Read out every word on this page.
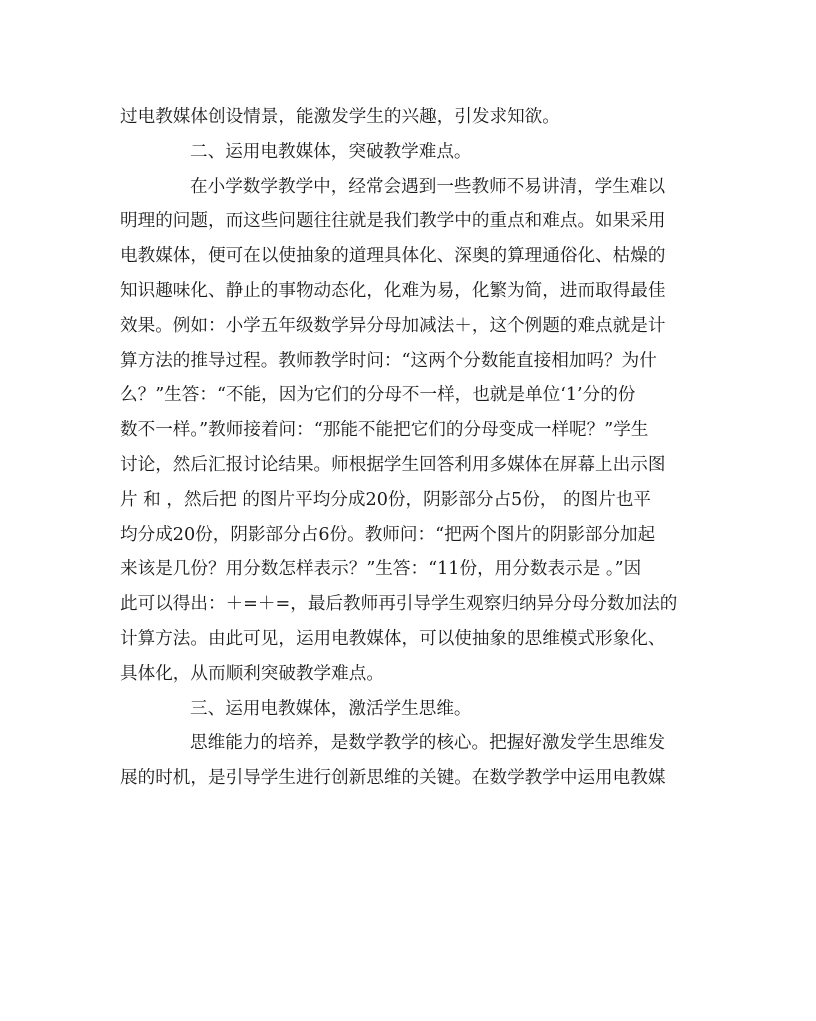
过电教媒体创设情景，能激发学生的兴趣，引发求知欲。
二、运用电教媒体，突破教学难点。
在小学数学教学中，经常会遇到一些教师不易讲清，学生难以
明理的问题，而这些问题往往就是我们教学中的重点和难点。如果采用
电教媒体，便可在以使抽象的道理具体化、深奥的算理通俗化、枯燥的
知识趣味化、静止的事物动态化，化难为易，化繁为简，进而取得最佳
效果。例如：小学五年级数学异分母加减法＋，这个例题的难点就是计
算方法的推导过程。教师教学时问：“这两个分数能直接相加吗？为什
么？”生答：“不能，因为它们的分母不一样，也就是单位‘1’分的份
数不一样。”教师接着问：“那能不能把它们的分母变成一样呢？”学生
讨论，然后汇报讨论结果。师根据学生回答利用多媒体在屏幕上出示图
片 和 ，然后把 的图片平均分成20份，阴影部分占5份， 的图片也平
均分成20份，阴影部分占6份。教师问：“把两个图片的阴影部分加起
来该是几份？用分数怎样表示？”生答：“11份，用分数表示是 。”因
此可以得出：＋=＋=，最后教师再引导学生观察归纳异分母分数加法的
计算方法。由此可见，运用电教媒体，可以使抽象的思维模式形象化、
具体化，从而顺利突破教学难点。
三、运用电教媒体，激活学生思维。
思维能力的培养，是数学教学的核心。把握好激发学生思维发
展的时机，是引导学生进行创新思维的关键。在数学教学中运用电教媒
